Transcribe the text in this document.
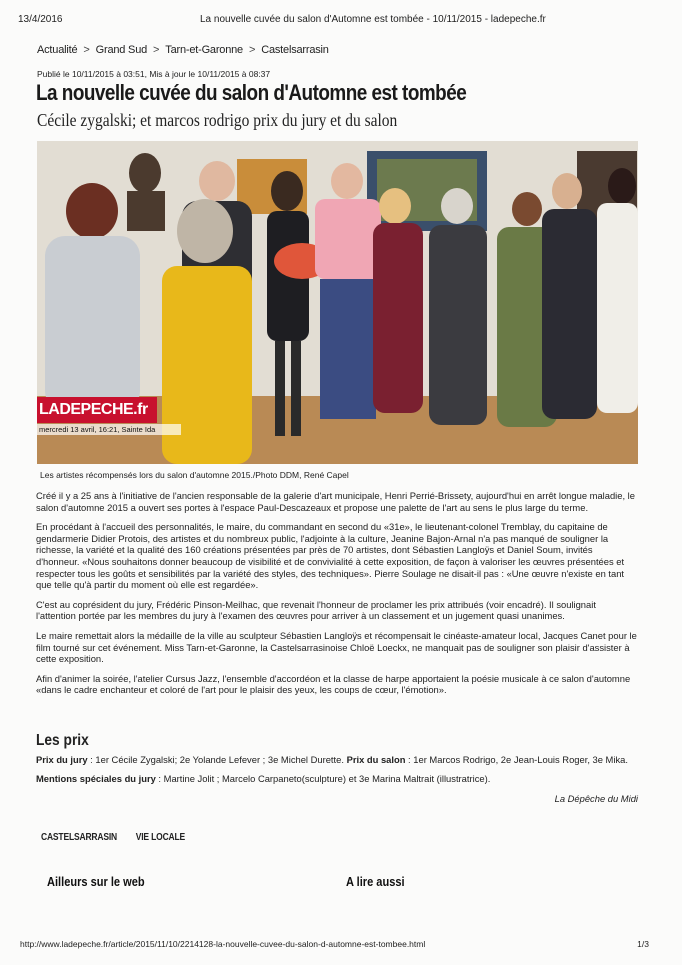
13/4/2016	La nouvelle cuvée du salon d'Automne est tombée - 10/11/2015 - ladepeche.fr
Actualité > Grand Sud > Tarn-et-Garonne > Castelsarrasin
Publié le 10/11/2015 à 03:51, Mis à jour le 10/11/2015 à 08:37
La nouvelle cuvée du salon d'Automne est tombée
Cécile zygalski; et marcos rodrigo prix du jury et du salon
LADEPECHE.fr
mercredi 13 avril, 16:21, Sainte Ida
Les artistes récompensés lors du salon d'automne 2015./Photo DDM, René Capel

Créé il y a 25 ans à l'initiative de l'ancien responsable de la galerie d'art municipale, Henri Perrié-Brissety, aujourd'hui en arrêt longue maladie, le salon d'automne 2015 a ouvert ses portes à l'espace Paul-Descazeaux et propose une palette de l'art au sens le plus large du terme.

En procédant à l'accueil des personnalités, le maire, du commandant en second du «31e», le lieutenant-colonel Tremblay, du capitaine de gendarmerie Didier Protois, des artistes et du nombreux public, l'adjointe à la culture, Jeanine Bajon-Arnal n'a pas manqué de souligner la richesse, la variété et la qualité des 160 créations présentées par près de 70 artistes, dont Sébastien Langloÿs et Daniel Soum, invités d'honneur. «Nous souhaitons donner beaucoup de visibilité et de convivialité à cette exposition, de façon à valoriser les œuvres présentées et respecter tous les goûts et sensibilités par la variété des styles, des techniques». Pierre Soulage ne disait-il pas : «Une œuvre n'existe en tant que telle qu'à partir du moment où elle est regardée».

C'est au coprésident du jury, Frédéric Pinson-Meilhac, que revenait l'honneur de proclamer les prix attribués (voir encadré). Il soulignait l'attention portée par les membres du jury à l'examen des œuvres pour arriver à un classement et un jugement quasi unanimes.

Le maire remettait alors la médaille de la ville au sculpteur Sébastien Langloÿs et récompensait le cinéaste-amateur local, Jacques Canet pour le film tourné sur cet événement. Miss Tarn-et-Garonne, la Castelsarrasinoise Chloë Loeckx, ne manquait pas de souligner son plaisir d'assister à cette exposition.

Afin d'animer la soirée, l'atelier Cursus Jazz, l'ensemble d'accordéon et la classe de harpe apportaient la poésie musicale à ce salon d'automne «dans le cadre enchanteur et coloré de l'art pour le plaisir des yeux, les coups de cœur, l'émotion».

Les prix
Prix du jury : 1er Cécile Zygalski; 2e Yolande Lefever ; 3e Michel Durette. Prix du salon : 1er Marcos Rodrigo, 2e Jean-Louis Roger, 3e Mika.
Mentions spéciales du jury : Martine Jolit ; Marcelo Carpaneto(sculpture) et 3e Marina Maltrait (illustratrice).
La Dépêche du Midi
CASTELSARRASIN VIE LOCALE
Ailleurs sur le web	A lire aussi
http://www.ladepeche.fr/article/2015/11/10/2214128-la-nouvelle-cuvee-du-salon-d-automne-est-tombee.html	1/3
